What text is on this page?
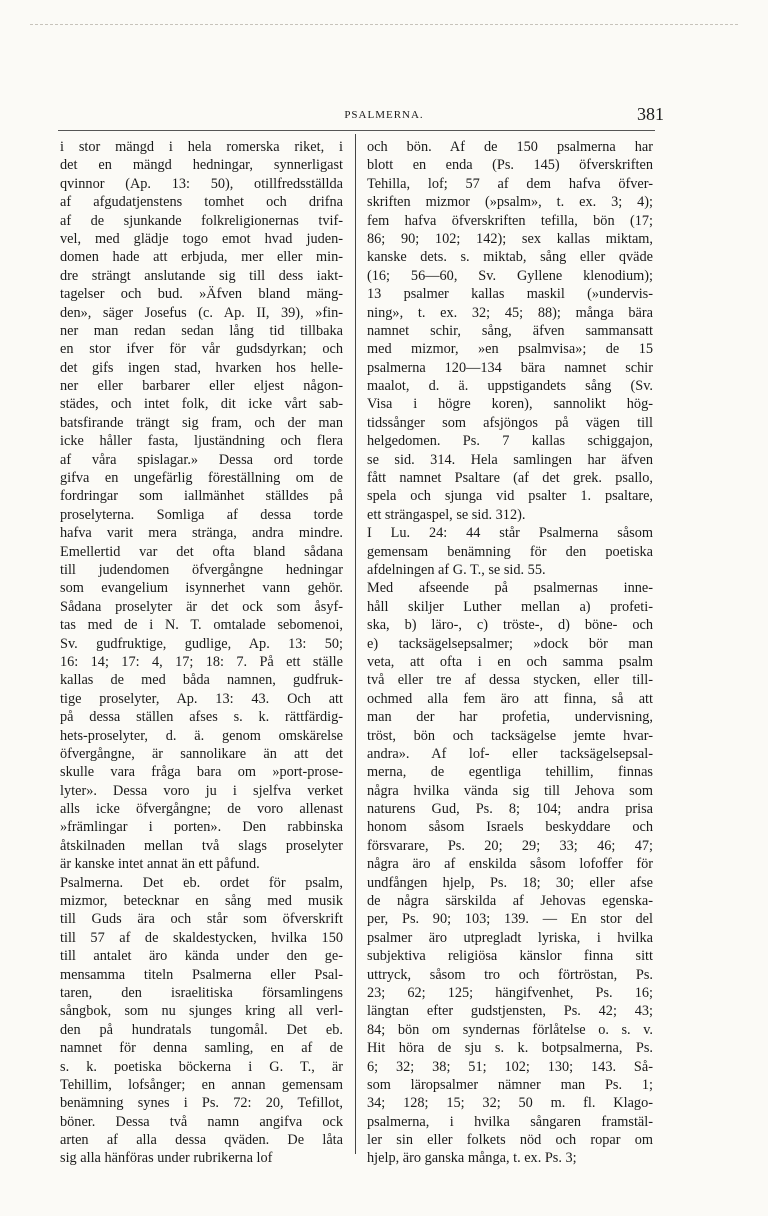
PSALMERNA.	381
i stor mängd i hela romerska riket, i
det en mängd hedningar, synnerligast
qvinnor (Ap. 13: 50), otillfredsställda
af afgudatjenstens tomhet och drifna
af de sjunkande folkreligionernas tvif-
vel, med glädje togo emot hvad juden-
domen hade att erbjuda, mer eller min-
dre strängt anslutande sig till dess iakt-
tagelser och bud. »Äfven bland mäng-
den», säger Josefus (c. Ap. II, 39), »fin-
ner man redan sedan lång tid tillbaka
en stor ifver för vår gudsdyrkan; och
det gifs ingen stad, hvarken hos helle-
ner eller barbarer eller eljest någon-
städes, och intet folk, dit icke vårt sab-
batsfirande trängt sig fram, och der man
icke håller fasta, ljuständning och flera
af våra spislagar.» Dessa ord torde
gifva en ungefärlig föreställning om de
fordringar som iallmänhet ställdes på
proselyterna. Somliga af dessa torde
hafva varit mera stränga, andra mindre.
Emellertid var det ofta bland sådana
till judendomen öfvergångne hedningar
som evangelium isynnerhet vann gehör.
Sådana proselyter är det ock som åsyf-
tas med de i N. T. omtalade sebomenoi,
Sv. gudfruktige, gudlige, Ap. 13: 50;
16: 14; 17: 4, 17; 18: 7. På ett ställe
kallas de med båda namnen, gudfruk-
tige proselyter, Ap. 13: 43. Och att
på dessa ställen afses s. k. rättfärdig-
hets-proselyter, d. ä. genom omskärelse
öfvergångne, är sannolikare än att det
skulle vara fråga bara om »port-prose-
lyter». Dessa voro ju i sjelfva verket
alls icke öfvergångne; de voro allenast
»främlingar i porten». Den rabbinska
åtskilnaden mellan två slags proselyter
är kanske intet annat än ett påfund.
Psalmerna. Det eb. ordet för psalm,
mizmor, betecknar en sång med musik
till Guds ära och står som öfverskrift
till 57 af de skaldestycken, hvilka 150
till antalet äro kända under den ge-
mensamma titeln Psalmerna eller Psal-
taren, den israelitiska församlingens
sångbok, som nu sjunges kring all verl-
den på hundratals tungomål. Det eb.
namnet för denna samling, en af de
s. k. poetiska böckerna i G. T., är
Tehillim, lofsånger; en annan gemensam
benämning synes i Ps. 72: 20, Tefillot,
böner. Dessa två namn angifva ock
arten af alla dessa qväden. De låta
sig alla hänföras under rubrikerna lof
och bön. Af de 150 psalmerna har
blott en enda (Ps. 145) öfverskriften
Tehilla, lof; 57 af dem hafva öfver-
skriften mizmor (»psalm», t. ex. 3; 4);
fem hafva öfverskriften tefilla, bön (17;
86; 90; 102; 142); sex kallas miktam,
kanske dets. s. miktab, sång eller qväde
(16; 56—60, Sv. Gyllene klenodium);
13 psalmer kallas maskil (»undervis-
ning», t. ex. 32; 45; 88); många bära
namnet schir, sång, äfven sammansatt
med mizmor, »en psalmvisa»; de 15
psalmerna 120—134 bära namnet schir
maalot, d. ä. uppstigandets sång (Sv.
Visa i högre koren), sannolikt hög-
tidssånger som afsjöngos på vägen till
helgedomen. Ps. 7 kallas schiggajon,
se sid. 314. Hela samlingen har äfven
fått namnet Psaltare (af det grek. psallo,
spela och sjunga vid psalter 1. psaltare,
ett strängaspel, se sid. 312).
I Lu. 24: 44 står Psalmerna såsom
gemensam benämning för den poetiska
afdelningen af G. T., se sid. 55.
Med afseende på psalmernas inne-
håll skiljer Luther mellan a) profeti-
ska, b) läro-, c) tröste-, d) böne- och
e) tacksägelsepsalmer; »dock bör man
veta, att ofta i en och samma psalm
två eller tre af dessa stycken, eller till-
ochmed alla fem äro att finna, så att
man der har profetia, undervisning,
tröst, bön och tacksägelse jemte hvar-
andra». Af lof- eller tacksägelsepsal-
merna, de egentliga tehillim, finnas
några hvilka vända sig till Jehova som
naturens Gud, Ps. 8; 104; andra prisa
honom såsom Israels beskyddare och
försvarare, Ps. 20; 29; 33; 46; 47;
några äro af enskilda såsom lofoffer för
undfången hjelp, Ps. 18; 30; eller afse
de några särskilda af Jehovas egenska-
per, Ps. 90; 103; 139. — En stor del
psalmer äro utpregladt lyriska, i hvilka
subjektiva religiösa känslor finna sitt
uttryck, såsom tro och förtröstan, Ps.
23; 62; 125; hängifvenhet, Ps. 16;
längtan efter gudstjensten, Ps. 42; 43;
84; bön om syndernas förlåtelse o. s. v.
Hit höra de sju s. k. botpsalmerna, Ps.
6; 32; 38; 51; 102; 130; 143. Så-
som läropsalmer nämner man Ps. 1;
34; 128; 15; 32; 50 m. fl. Klago-
psalmerna, i hvilka sångaren framstäl-
ler sin eller folkets nöd och ropar om
hjelp, äro ganska många, t. ex. Ps. 3;
